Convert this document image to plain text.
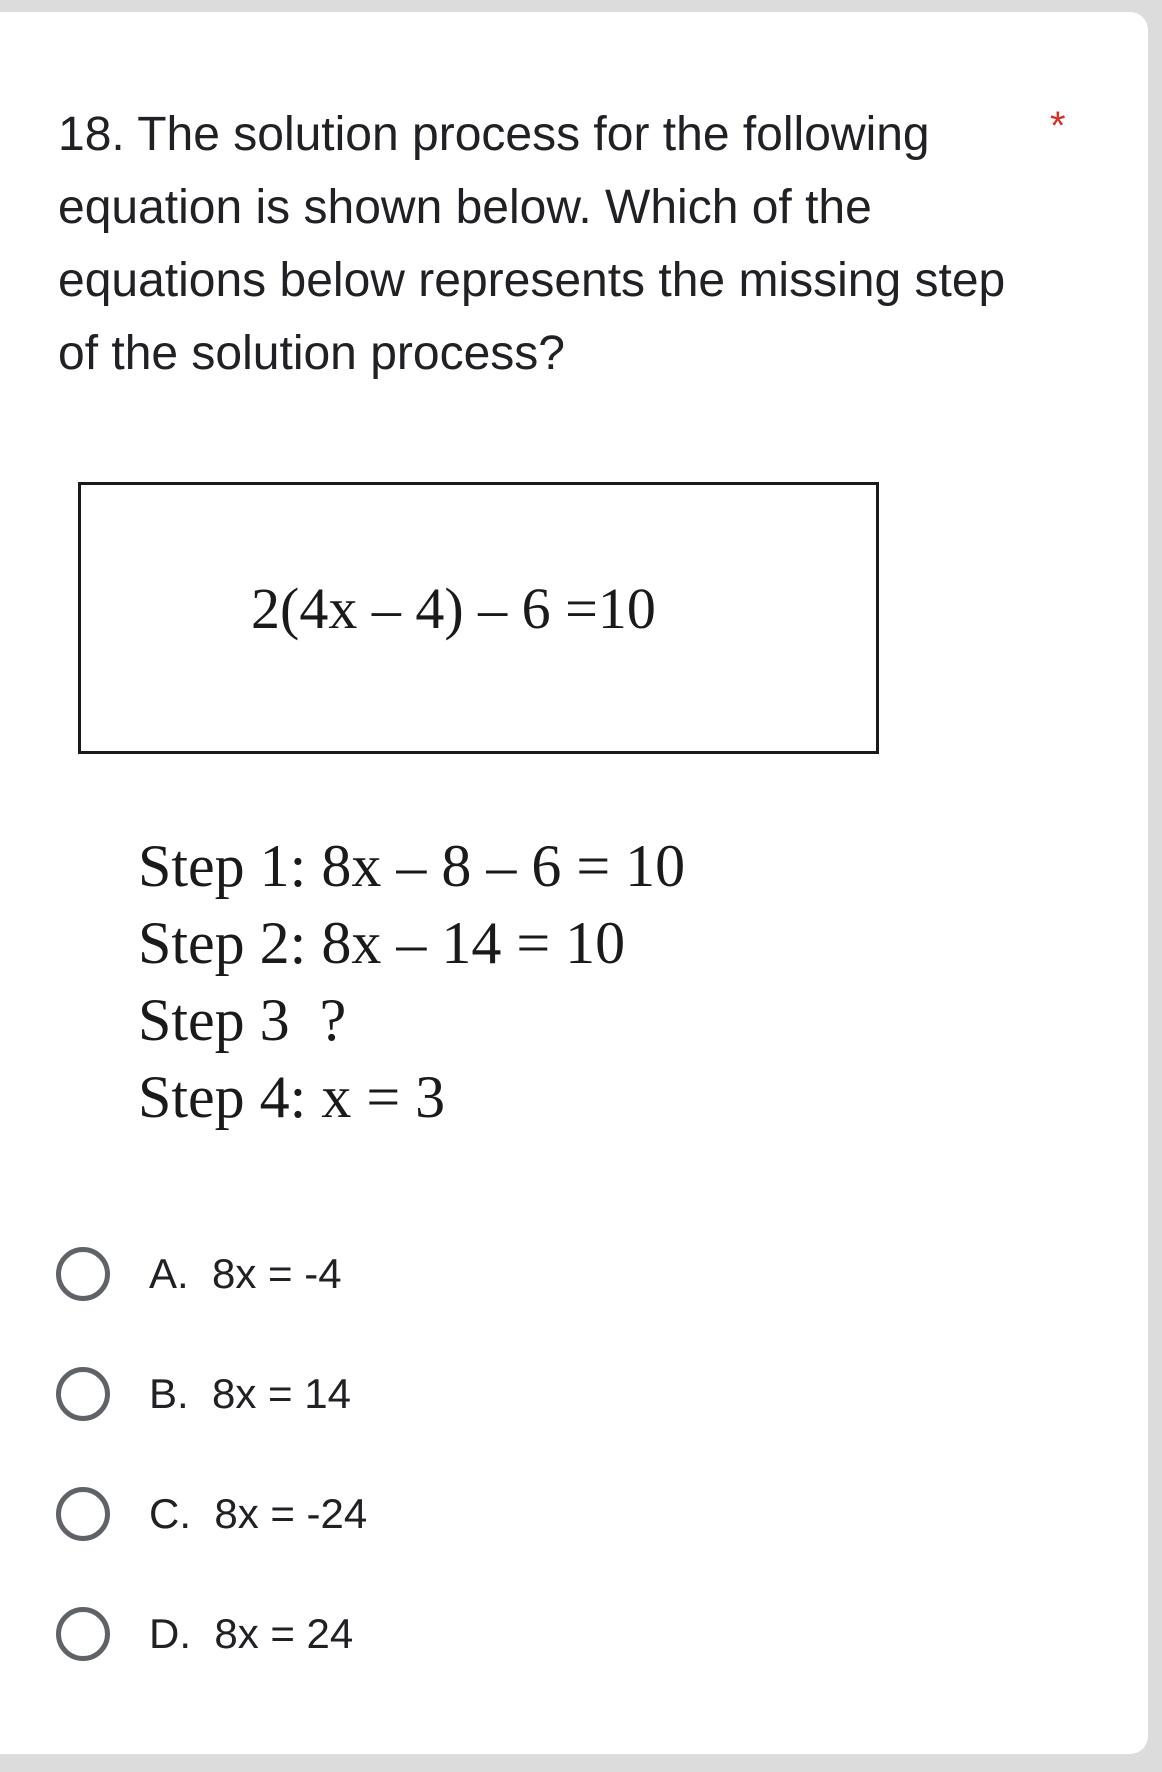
18. The solution process for the following equation is shown below. Which of the equations below represents the missing step of the solution process?

*
2(4x – 4) – 6 =10
Step 1: 8x – 8 – 6 = 10
Step 2: 8x – 14 = 10
Step 3  ?
Step 4: x = 3
A.  8x = -4
B.  8x = 14
C.  8x = -24
D.  8x = 24
